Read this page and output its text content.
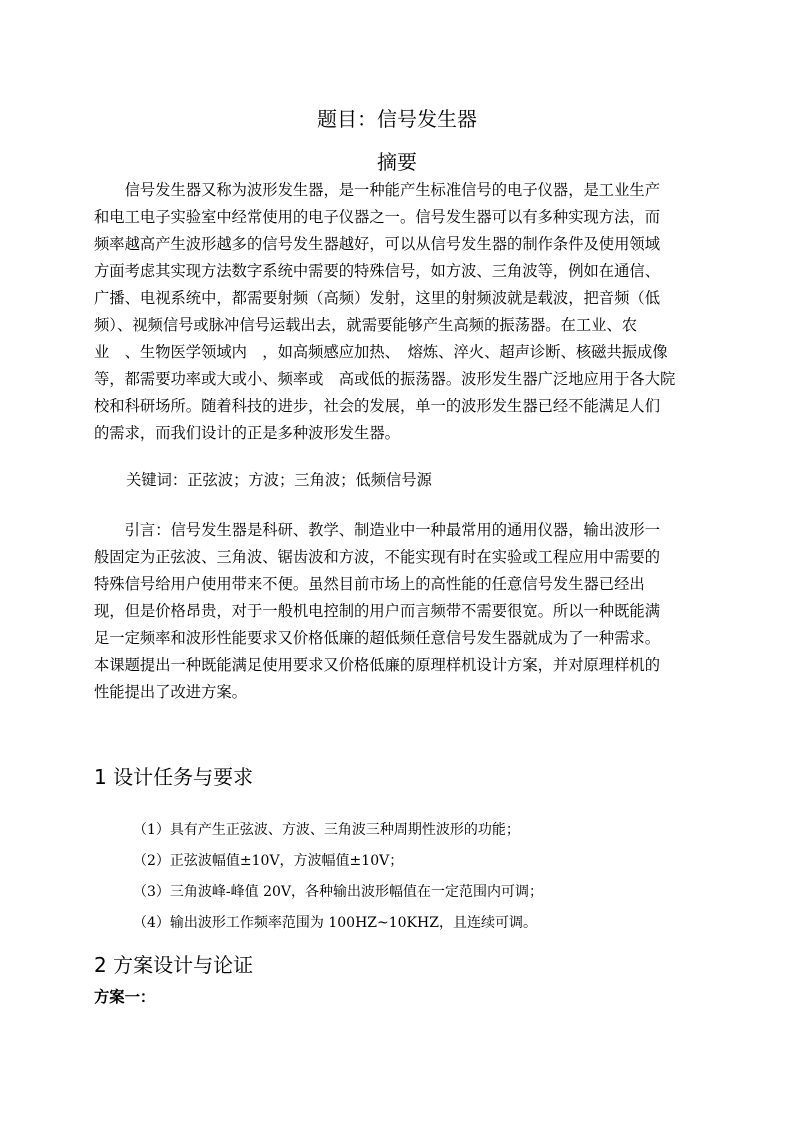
题目：信号发生器
摘要
　　信号发生器又称为波形发生器，是一种能产生标准信号的电子仪器，是工业生产
和电工电子实验室中经常使用的电子仪器之一。信号发生器可以有多种实现方法，而
频率越高产生波形越多的信号发生器越好，可以从信号发生器的制作条件及使用领域
方面考虑其实现方法数字系统中需要的特殊信号，如方波、三角波等，例如在通信、
广播、电视系统中，都需要射频（高频）发射，这里的射频波就是载波，把音频（低
频）、视频信号或脉冲信号运载出去，就需要能够产生高频的振荡器。在工业、农
业　、生物医学领域内　，如高频感应加热、　熔炼、淬火、超声诊断、核磁共振成像
等，都需要功率或大或小、频率或　高或低的振荡器。波形发生器广泛地应用于各大院
校和科研场所。随着科技的进步，社会的发展，单一的波形发生器已经不能满足人们
的需求，而我们设计的正是多种波形发生器。
关键词：正弦波；方波；三角波；低频信号源
　　引言：信号发生器是科研、教学、制造业中一种最常用的通用仪器，输出波形一
般固定为正弦波、三角波、锯齿波和方波，不能实现有时在实验或工程应用中需要的
特殊信号给用户使用带来不便。虽然目前市场上的高性能的任意信号发生器已经出
现，但是价格昂贵，对于一般机电控制的用户而言频带不需要很宽。所以一种既能满
足一定频率和波形性能要求又价格低廉的超低频任意信号发生器就成为了一种需求。
本课题提出一种既能满足使用要求又价格低廉的原理样机设计方案，并对原理样机的
性能提出了改进方案。
1 设计任务与要求
（1）具有产生正弦波、方波、三角波三种周期性波形的功能；
（2）正弦波幅值±10V，方波幅值±10V；
（3）三角波峰-峰值 20V，各种输出波形幅值在一定范围内可调；
（4）输出波形工作频率范围为 100HZ~10KHZ，且连续可调。
2 方案设计与论证
方案一：
